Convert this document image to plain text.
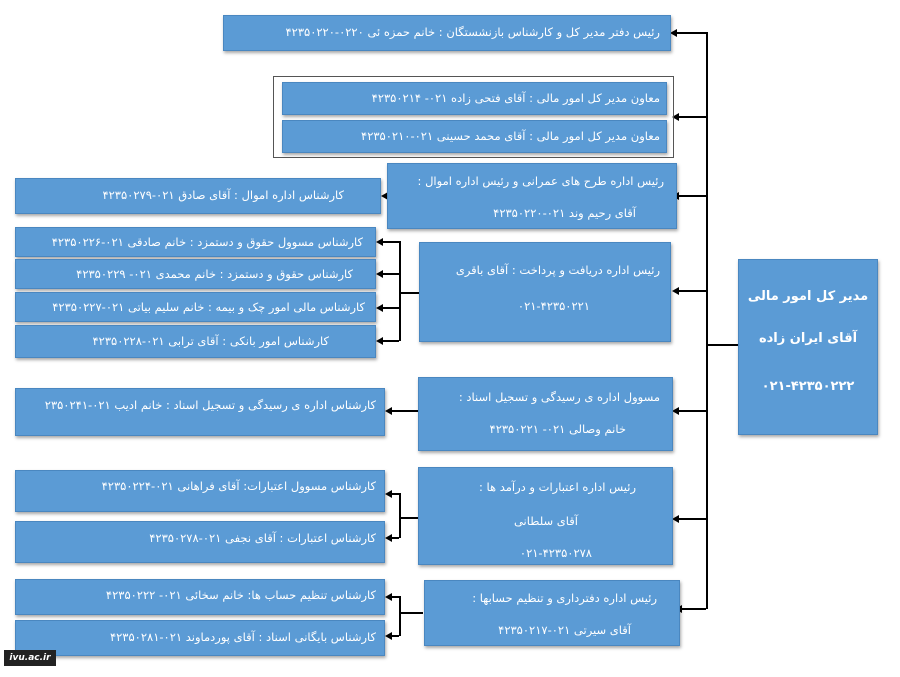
مدیر کل امور مالی
آقای ایران زاده
۰۲۱-۴۲۳۵۰۲۲۲
رئیس دفتر مدیر کل و کارشناس بازنشستگان : خانم حمزه ئی ۰۲۲۰-۴۲۳۵۰۲۲۰
معاون مدیر کل امور مالی : آقای فتحی زاده ۰۲۱- ۴۲۳۵۰۲۱۴
معاون مدیر کل امور مالی : آقای محمد حسینی ۰۲۱-۴۲۳۵۰۲۱۰
رئیس اداره طرح های عمرانی و رئیس اداره اموال :
آقای رحیم وند ۰۲۱-۴۲۳۵۰۲۲۰
کارشناس اداره اموال : آقای صادق ۰۲۱-۴۲۳۵۰۲۷۹
رئیس اداره دریافت و پرداخت : آقای باقری
۰۲۱-۴۲۳۵۰۲۲۱
کارشناس مسوول حقوق و دستمزد : خانم صادقی ۰۲۱-۴۲۳۵۰۲۲۶
کارشناس حقوق و دستمزد : خانم محمدی ۰۲۱- ۴۲۳۵۰۲۲۹
کارشناس مالی امور چک و بیمه : خانم سلیم بیاتی ۰۲۱-۴۲۳۵۰۲۲۷
کارشناس امور بانکی : آقای ترابی ۰۲۱-۴۲۳۵۰۲۲۸
مسوول اداره ی رسیدگی و تسجیل اسناد :
خانم وصالی ۰۲۱- ۴۲۳۵۰۲۲۱
کارشناس اداره ی رسیدگی و تسجیل اسناد : خانم ادیب ۰۲۱-۲۳۵۰۲۴۱
رئیس اداره اعتبارات و درآمد ها :
آقای سلطانی
۰۲۱-۴۲۳۵۰۲۷۸
کارشناس مسوول اعتبارات: آقای فراهانی ۰۲۱-۴۲۳۵۰۲۲۴
کارشناس اعتبارات : آقای نجفی ۰۲۱-۴۲۳۵۰۲۷۸
رئیس اداره دفترداری و تنظیم حسابها :
آقای سیرتی ۰۲۱-۴۲۳۵۰۲۱۷
کارشناس تنظیم حساب ها: خانم سخائی ۰۲۱- ۴۲۳۵۰۲۲۲
کارشناس بایگانی اسناد : آقای پوردماوند ۰۲۱-۴۲۳۵۰۲۸۱
ivu.ac.ir
